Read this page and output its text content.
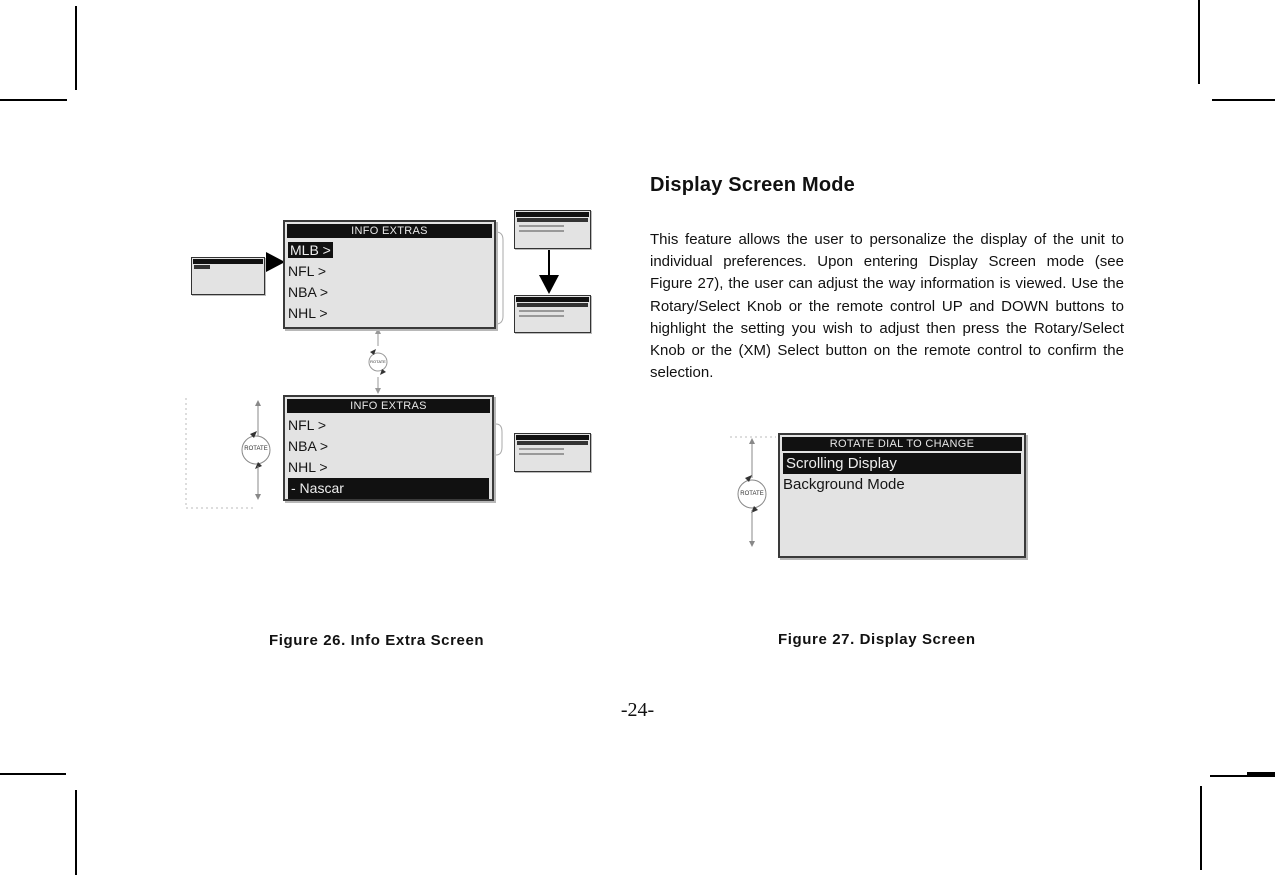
Display Screen Mode

This feature allows the user to personalize the display of the unit to individual preferences. Upon entering Display Screen mode (see Figure 27), the user can adjust the way information is viewed. Use the Rotary/Select Knob or the remote control UP and DOWN buttons to highlight the setting you wish to adjust then press the Rotary/Select Knob or the (XM) Select button on the remote control to confirm the selection.

ROTATE
ROTATE
INFO EXTRAS
MLB >
NFL >
NBA >
NHL >
INFO EXTRAS
NFL >
NBA >
NHL >
- Nascar
Figure 26. Info Extra Screen
ROTATE
ROTATE DIAL TO CHANGE
Scrolling Display
Background Mode
Figure 27. Display Screen
-24-
